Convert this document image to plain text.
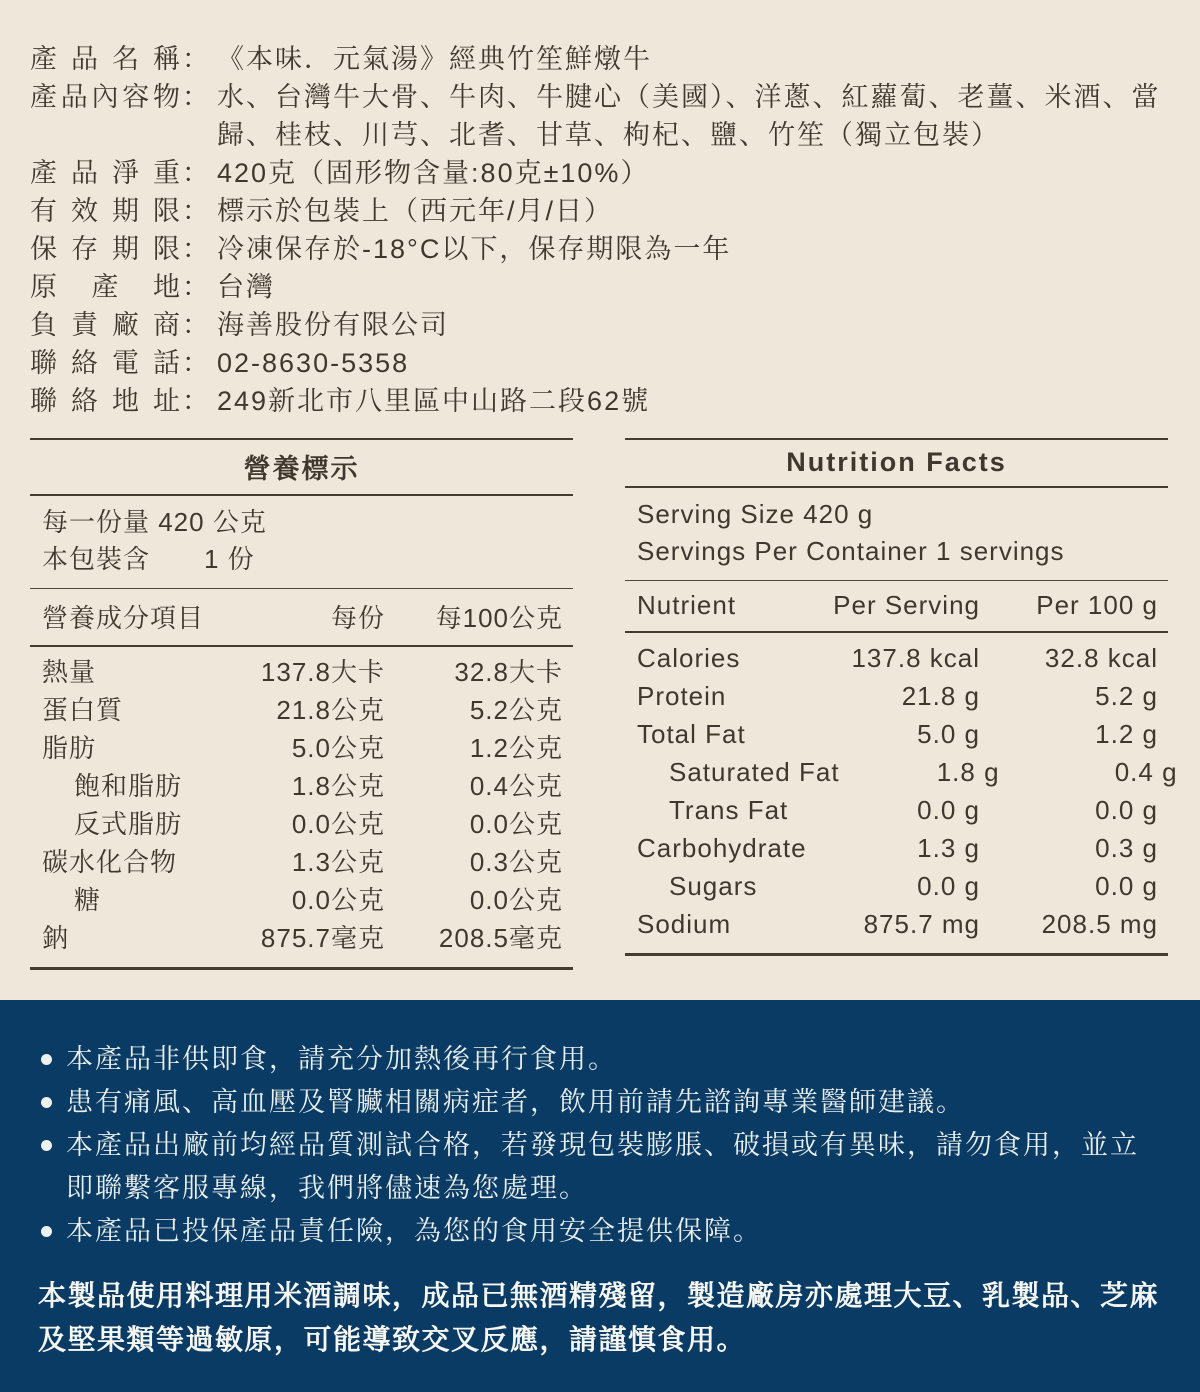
產品名稱 ： 《本味．元氣湯》經典竹笙鮮燉牛
產品內容物 ： 水、台灣牛大骨、牛肉、牛腱心（美國）、洋蔥、紅蘿蔔、老薑、米酒、當歸、桂枝、川芎、北耆、甘草、枸杞、鹽、竹笙（獨立包裝）
產品淨重 ： 420克（固形物含量:80克±10%）
有效期限 ： 標示於包裝上（西元年/月/日）
保存期限 ： 冷凍保存於-18°C以下，保存期限為一年
原 產 地 ： 台灣
負責廠商 ： 海善股份有限公司
聯絡電話 ： 02-8630-5358
聯絡地址 ： 249新北市八里區中山路二段62號
營養標示
每一份量 420 公克
本包裝含　　1 份
營養成分項目	每份	每100公克
熱量	137.8大卡	32.8大卡
蛋白質	21.8公克	5.2公克
脂肪	5.0公克	1.2公克
飽和脂肪	1.8公克	0.4公克
反式脂肪	0.0公克	0.0公克
碳水化合物	1.3公克	0.3公克
糖	0.0公克	0.0公克
鈉	875.7毫克	208.5毫克
Nutrition Facts
Serving Size 420 g
Servings Per Container 1 servings
Nutrient	Per Serving	Per 100 g
Calories	137.8 kcal	32.8 kcal
Protein	21.8 g	5.2 g
Total Fat	5.0 g	1.2 g
Saturated Fat	1.8 g	0.4 g
Trans Fat	0.0 g	0.0 g
Carbohydrate	1.3 g	0.3 g
Sugars	0.0 g	0.0 g
Sodium	875.7 mg	208.5 mg
本產品非供即食，請充分加熱後再行食用。
患有痛風、高血壓及腎臟相關病症者，飲用前請先諮詢專業醫師建議。
本產品出廠前均經品質測試合格，若發現包裝膨脹、破損或有異味，請勿食用，並立即聯繫客服專線，我們將儘速為您處理。
本產品已投保產品責任險，為您的食用安全提供保障。

本製品使用料理用米酒調味，成品已無酒精殘留，製造廠房亦處理大豆、乳製品、芝麻及堅果類等過敏原，可能導致交叉反應，請謹慎食用。
